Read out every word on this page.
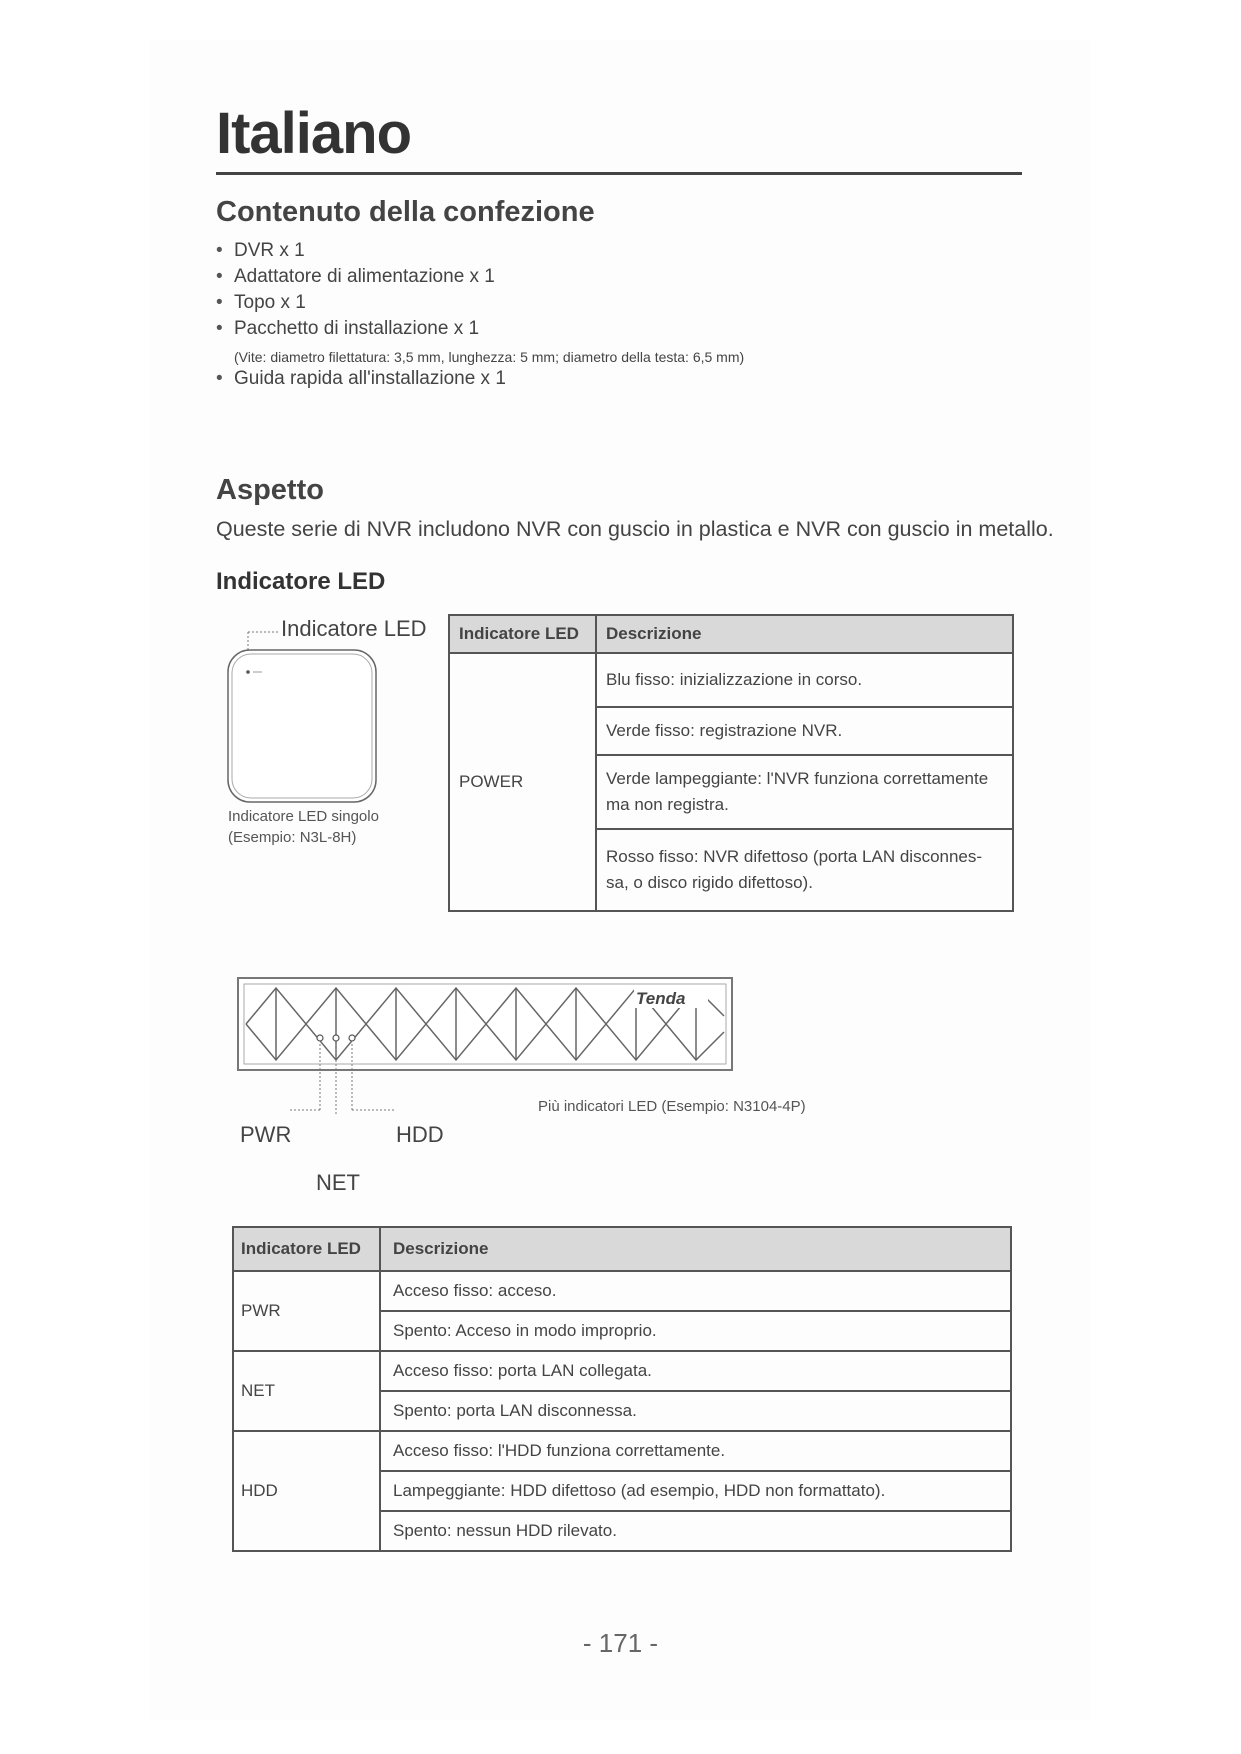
Italiano
Contenuto della confezione
• DVR x 1
• Adattatore di alimentazione x 1
• Topo x 1
• Pacchetto di installazione x 1
(Vite: diametro filettatura: 3,5 mm, lunghezza: 5 mm; diametro della testa: 6,5 mm)
• Guida rapida all'installazione x 1
Aspetto
Queste serie di NVR includono NVR con guscio in plastica e NVR con guscio in metallo.
Indicatore LED
Indicatore LED
Indicatore LED singolo
(Esempio: N3L-8H)
Indicatore LED	Descrizione
POWER	Blu fisso: inizializzazione in corso.
	Verde fisso: registrazione NVR.
	Verde lampeggiante: l'NVR funziona correttamente ma non registra.
	Rosso fisso: NVR difettoso (porta LAN disconnes-sa, o disco rigido difettoso).
Tenda
PWR	HDD
NET
Più indicatori LED (Esempio: N3104-4P)
Indicatore LED	Descrizione
PWR	Acceso fisso: acceso.
	Spento: Acceso in modo improprio.
NET	Acceso fisso: porta LAN collegata.
	Spento: porta LAN disconnessa.
HDD	Acceso fisso: l'HDD funziona correttamente.
	Lampeggiante: HDD difettoso (ad esempio, HDD non formattato).
	Spento: nessun HDD rilevato.
- 171 -
